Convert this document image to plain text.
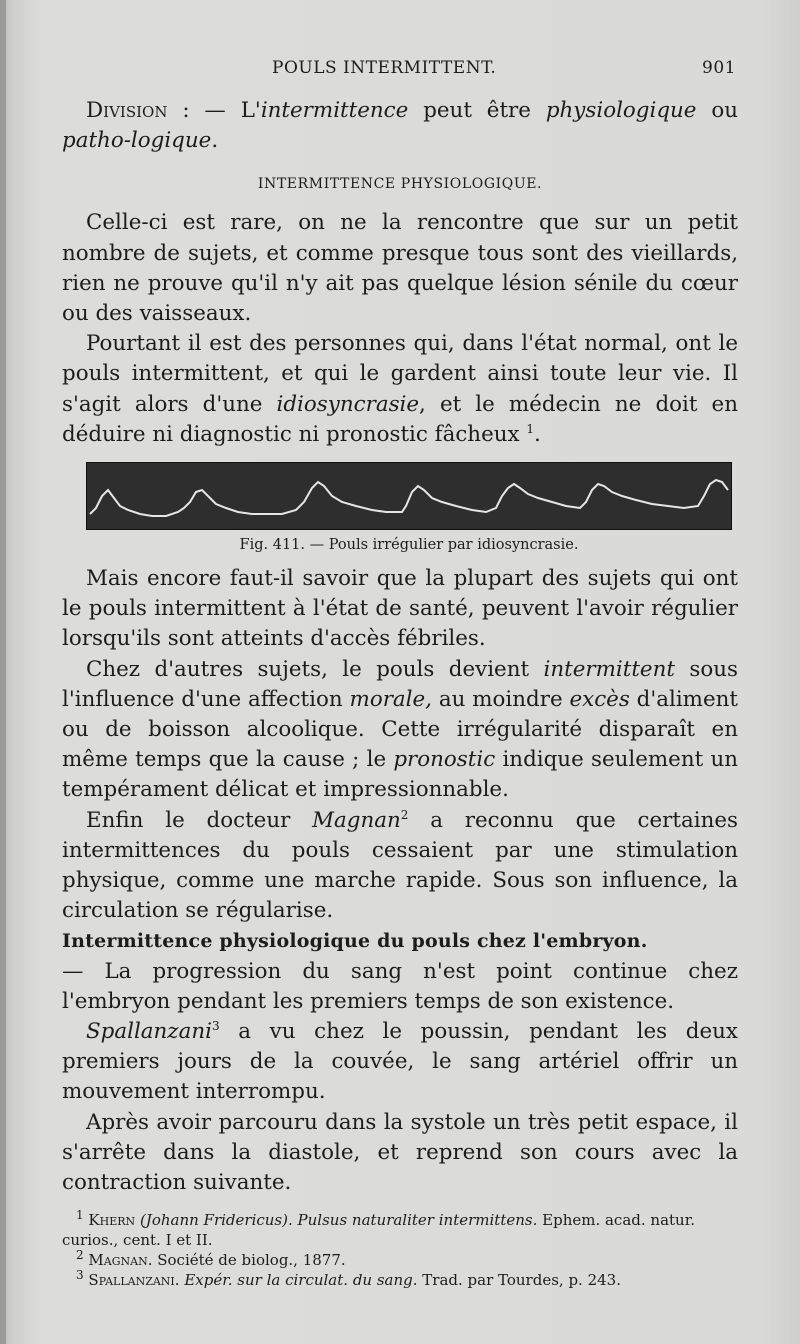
POULS INTERMITTENT.	901

Division : — L'intermittence peut être physiologique ou patho-logique.

INTERMITTENCE PHYSIOLOGIQUE.

Celle-ci est rare, on ne la rencontre que sur un petit nombre de sujets, et comme presque tous sont des vieillards, rien ne prouve qu'il n'y ait pas quelque lésion sénile du cœur ou des vaisseaux.

Pourtant il est des personnes qui, dans l'état normal, ont le pouls intermittent, et qui le gardent ainsi toute leur vie. Il s'agit alors d'une idiosyncrasie, et le médecin ne doit en déduire ni diagnostic ni pronostic fâcheux $^1$.

Fig. 411. — Pouls irrégulier par idiosyncrasie.

Mais encore faut-il savoir que la plupart des sujets qui ont le pouls intermittent à l'état de santé, peuvent l'avoir régulier lorsqu'ils sont atteints d'accès fébriles.

Chez d'autres sujets, le pouls devient intermittent sous l'influence d'une affection morale, au moindre excès d'aliment ou de boisson alcoolique. Cette irrégularité disparaît en même temps que la cause ; le pronostic indique seulement un tempérament délicat et impressionnable.

Enfin le docteur Magnan$^2$ a reconnu que certaines intermittences du pouls cessaient par une stimulation physique, comme une marche rapide. Sous son influence, la circulation se régularise.

Intermittence physiologique du pouls chez l'embryon.
— La progression du sang n'est point continue chez l'embryon pendant les premiers temps de son existence.

Spallanzani$^3$ a vu chez le poussin, pendant les deux premiers jours de la couvée, le sang artériel offrir un mouvement interrompu.

Après avoir parcouru dans la systole un très petit espace, il s'arrête dans la diastole, et reprend son cours avec la contraction suivante.

$^1$ Khern (Johann Fridericus). Pulsus naturaliter intermittens. Ephem. acad. natur. curios., cent. I et II.

$^2$ Magnan. Société de biolog., 1877.

$^3$ Spallanzani. Expér. sur la circulat. du sang. Trad. par Tourdes, p. 243.
